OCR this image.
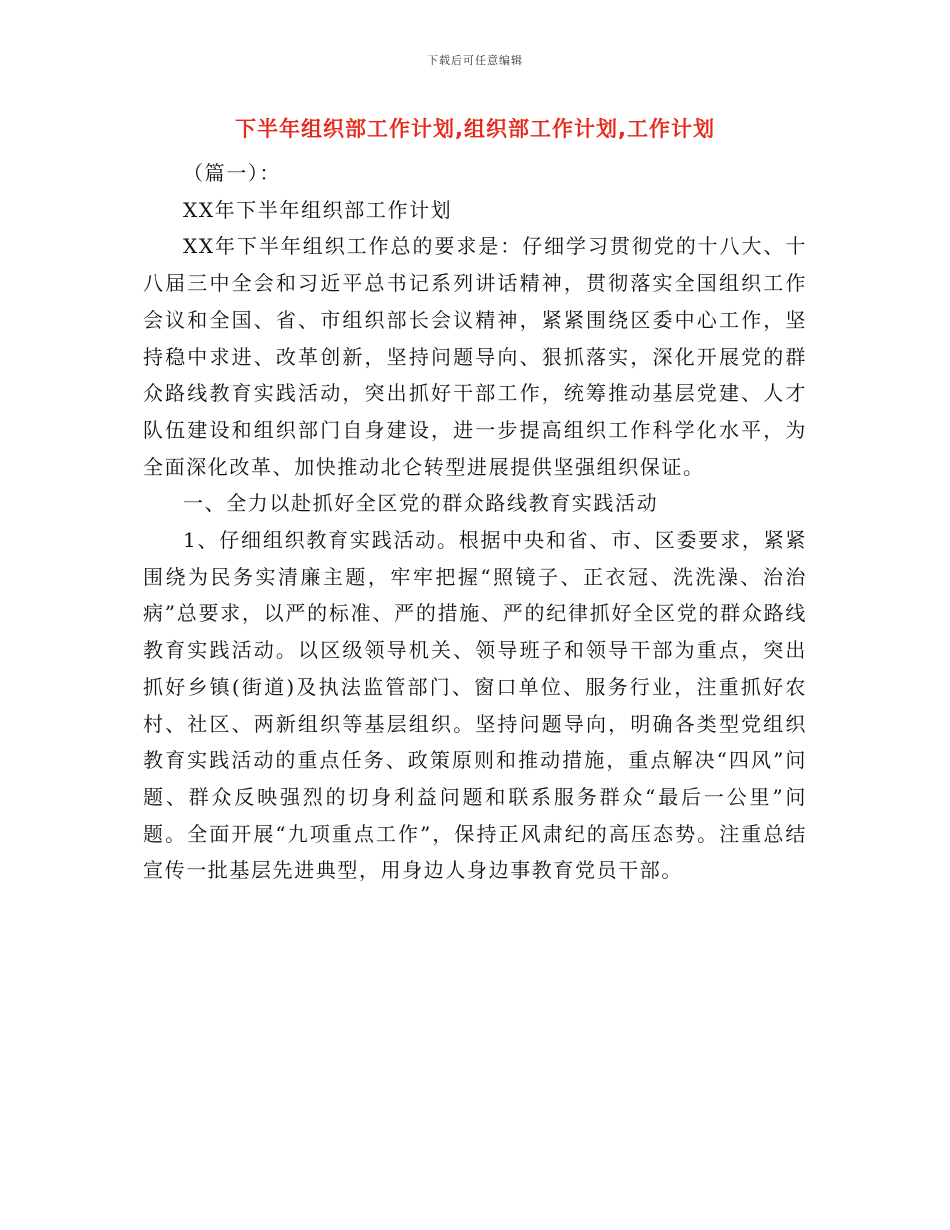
下载后可任意编辑
下半年组织部工作计划,组织部工作计划,工作计划

（篇一）：

XX年下半年组织部工作计划

XX年下半年组织工作总的要求是：仔细学习贯彻党的十八大、十八届三中全会和习近平总书记系列讲话精神，贯彻落实全国组织工作会议和全国、省、市组织部长会议精神，紧紧围绕区委中心工作，坚持稳中求进、改革创新，坚持问题导向、狠抓落实，深化开展党的群众路线教育实践活动，突出抓好干部工作，统筹推动基层党建、人才队伍建设和组织部门自身建设，进一步提高组织工作科学化水平，为全面深化改革、加快推动北仑转型进展提供坚强组织保证。

一、全力以赴抓好全区党的群众路线教育实践活动

1、仔细组织教育实践活动。根据中央和省、市、区委要求，紧紧围绕为民务实清廉主题，牢牢把握“照镜子、正衣冠、洗洗澡、治治病”总要求，以严的标准、严的措施、严的纪律抓好全区党的群众路线教育实践活动。以区级领导机关、领导班子和领导干部为重点，突出抓好乡镇(街道)及执法监管部门、窗口单位、服务行业，注重抓好农村、社区、两新组织等基层组织。坚持问题导向，明确各类型党组织教育实践活动的重点任务、政策原则和推动措施，重点解决“四风”问题、群众反映强烈的切身利益问题和联系服务群众“最后一公里”问题。全面开展“九项重点工作”，保持正风肃纪的高压态势。注重总结宣传一批基层先进典型，用身边人身边事教育党员干部。
